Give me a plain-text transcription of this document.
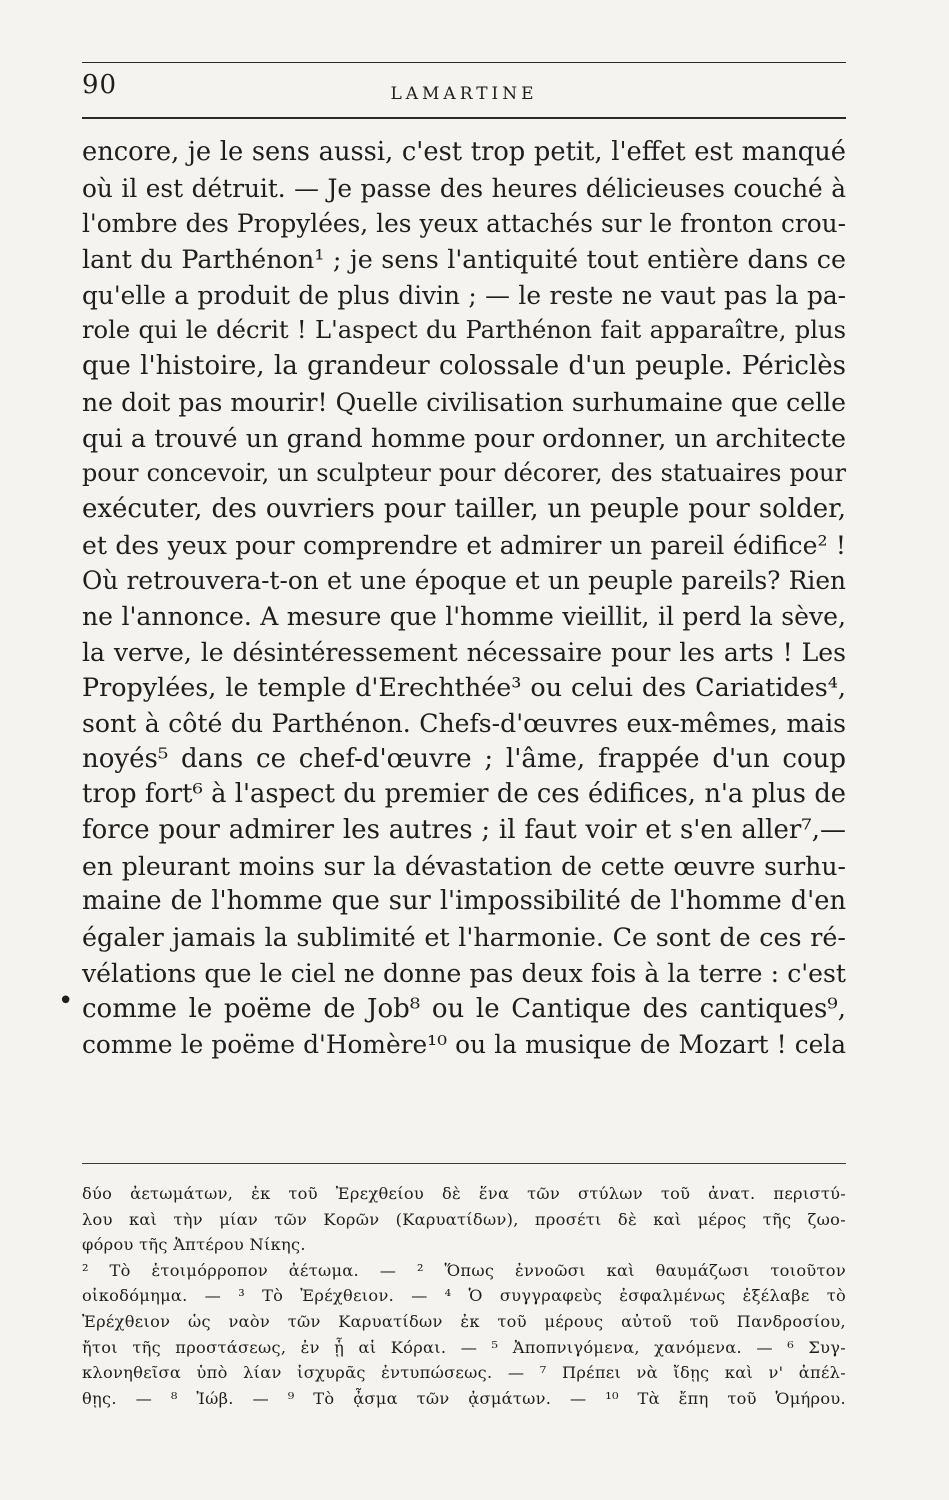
90	LAMARTINE
•
encore, je le sens aussi, c'est trop petit, l'effet est manqué
où il est détruit. — Je passe des heures délicieuses couché à
l'ombre des Propylées, les yeux attachés sur le fronton crou-
lant du Parthénon¹ ; je sens l'antiquité tout entière dans ce
qu'elle a produit de plus divin ; — le reste ne vaut pas la pa-
role qui le décrit ! L'aspect du Parthénon fait apparaître, plus
que l'histoire, la grandeur colossale d'un peuple. Périclès
ne doit pas mourir! Quelle civilisation surhumaine que celle
qui a trouvé un grand homme pour ordonner, un architecte
pour concevoir, un sculpteur pour décorer, des statuaires pour
exécuter, des ouvriers pour tailler, un peuple pour solder,
et des yeux pour comprendre et admirer un pareil édifice² !
Où retrouvera-t-on et une époque et un peuple pareils? Rien
ne l'annonce. A mesure que l'homme vieillit, il perd la sève,
la verve, le désintéressement nécessaire pour les arts ! Les
Propylées, le temple d'Erechthée³ ou celui des Cariatides⁴,
sont à côté du Parthénon. Chefs-d'œuvres eux-mêmes, mais
noyés⁵ dans ce chef-d'œuvre ; l'âme, frappée d'un coup
trop fort⁶ à l'aspect du premier de ces édifices, n'a plus de
force pour admirer les autres ; il faut voir et s'en aller⁷,—
en pleurant moins sur la dévastation de cette œuvre surhu-
maine de l'homme que sur l'impossibilité de l'homme d'en
égaler jamais la sublimité et l'harmonie. Ce sont de ces ré-
vélations que le ciel ne donne pas deux fois à la terre : c'est
comme le poëme de Job⁸ ou le Cantique des cantiques⁹,
comme le poëme d'Homère¹⁰ ou la musique de Mozart ! cela
δύο ἀετωμάτων, ἐκ τοῦ Ἐρεχθείου δὲ ἕνα τῶν στύλων τοῦ ἀνατ. περιστύ-
λου καὶ τὴν μίαν τῶν Κορῶν (Καρυατίδων), προσέτι δὲ καὶ μέρος τῆς ζωο-
φόρου τῆς Ἀπτέρου Νίκης.
² Τὸ ἑτοιμόρροπον ἀέτωμα. — ² Ὅπως ἐννοῶσι καὶ θαυμάζωσι τοιοῦτον
οἰκοδόμημα. — ³ Τὸ Ἐρέχθειον. — ⁴ Ὁ συγγραφεὺς ἐσφαλμένως ἐξέλαβε τὸ
Ἐρέχθειον ὡς ναὸν τῶν Καρυατίδων ἐκ τοῦ μέρους αὐτοῦ τοῦ Πανδροσίου,
ἤτοι τῆς προστάσεως, ἐν ᾗ αἱ Κόραι. — ⁵ Ἀποπνιγόμενα, χανόμενα. — ⁶ Συγ-
κλονηθεῖσα ὑπὸ λίαν ἰσχυρᾶς ἐντυπώσεως. — ⁷ Πρέπει νὰ ἴδῃς καὶ ν' ἀπέλ-
θῃς. — ⁸ Ἰώβ. — ⁹ Τὸ ᾆσμα τῶν ᾀσμάτων. — ¹⁰ Τὰ ἔπη τοῦ Ὁμήρου.
